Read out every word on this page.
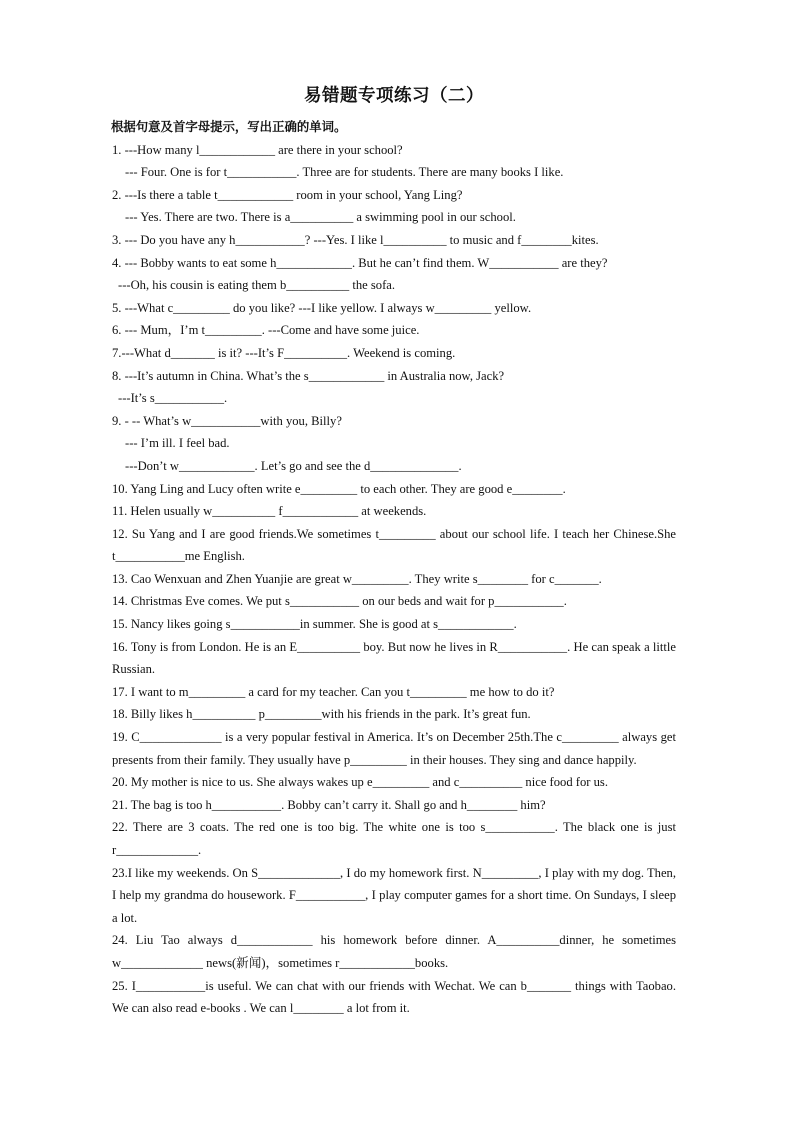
易错题专项练习（二）
根据句意及首字母提示，写出正确的单词。
1. ---How many l____________ are there in your school?
--- Four. One is for t___________. Three are for students. There are many books I like.
2. ---Is there a table t____________ room in your school, Yang Ling?
--- Yes. There are two. There is a__________ a swimming pool in our school.
3. --- Do you have any h___________? ---Yes. I like l__________ to music and f________kites.
4. --- Bobby wants to eat some h____________. But he can’t find them. W___________ are they?
---Oh, his cousin is eating them b__________ the sofa.
5. ---What c_________ do you like? ---I like yellow. I always w_________ yellow.
6. --- Mum，I’m t_________. ---Come and have some juice.
7.---What d_______ is it? ---It’s F__________. Weekend is coming.
8. ---It’s autumn in China. What’s the s____________ in Australia now, Jack?
---It’s s___________.
9. - -- What’s w___________with you, Billy?
--- I’m ill. I feel bad.
---Don’t w____________. Let’s go and see the d______________.
10. Yang Ling and Lucy often write e_________ to each other. They are good e________.
11. Helen usually w__________ f____________ at weekends.
12. Su Yang and I are good friends.We sometimes t_________ about our school life. I teach her Chinese.She t___________me English.
13. Cao Wenxuan and Zhen Yuanjie are great w_________. They write s________ for c_______.
14. Christmas Eve comes. We put s___________ on our beds and wait for p___________.
15. Nancy likes going s___________in summer. She is good at s____________.
16. Tony is from London. He is an E__________ boy. But now he lives in R___________. He can speak a little Russian.
17. I want to m_________ a card for my teacher. Can you t_________ me how to do it?
18. Billy likes h__________ p_________with his friends in the park. It’s great fun.
19. C_____________ is a very popular festival in America. It’s on December 25th.The c_________ always get presents from their family. They usually have p_________ in their houses. They sing and dance happily.
20. My mother is nice to us. She always wakes up e_________ and c__________ nice food for us.
21. The bag is too h___________. Bobby can’t carry it. Shall go and h________ him?
22. There are 3 coats. The red one is too big. The white one is too s___________. The black one is just r_____________.
23.I like my weekends. On S_____________, I do my homework first. N_________, I play with my dog. Then, I help my grandma do housework. F___________, I play computer games for a short time. On Sundays, I sleep a lot.
24. Liu Tao always d____________ his homework before dinner. A__________dinner, he sometimes w_____________ news(新闻)，sometimes r____________books.
25. I___________is useful. We can chat with our friends with Wechat. We can b_______ things with Taobao. We can also read e-books . We can l________ a lot from it.
